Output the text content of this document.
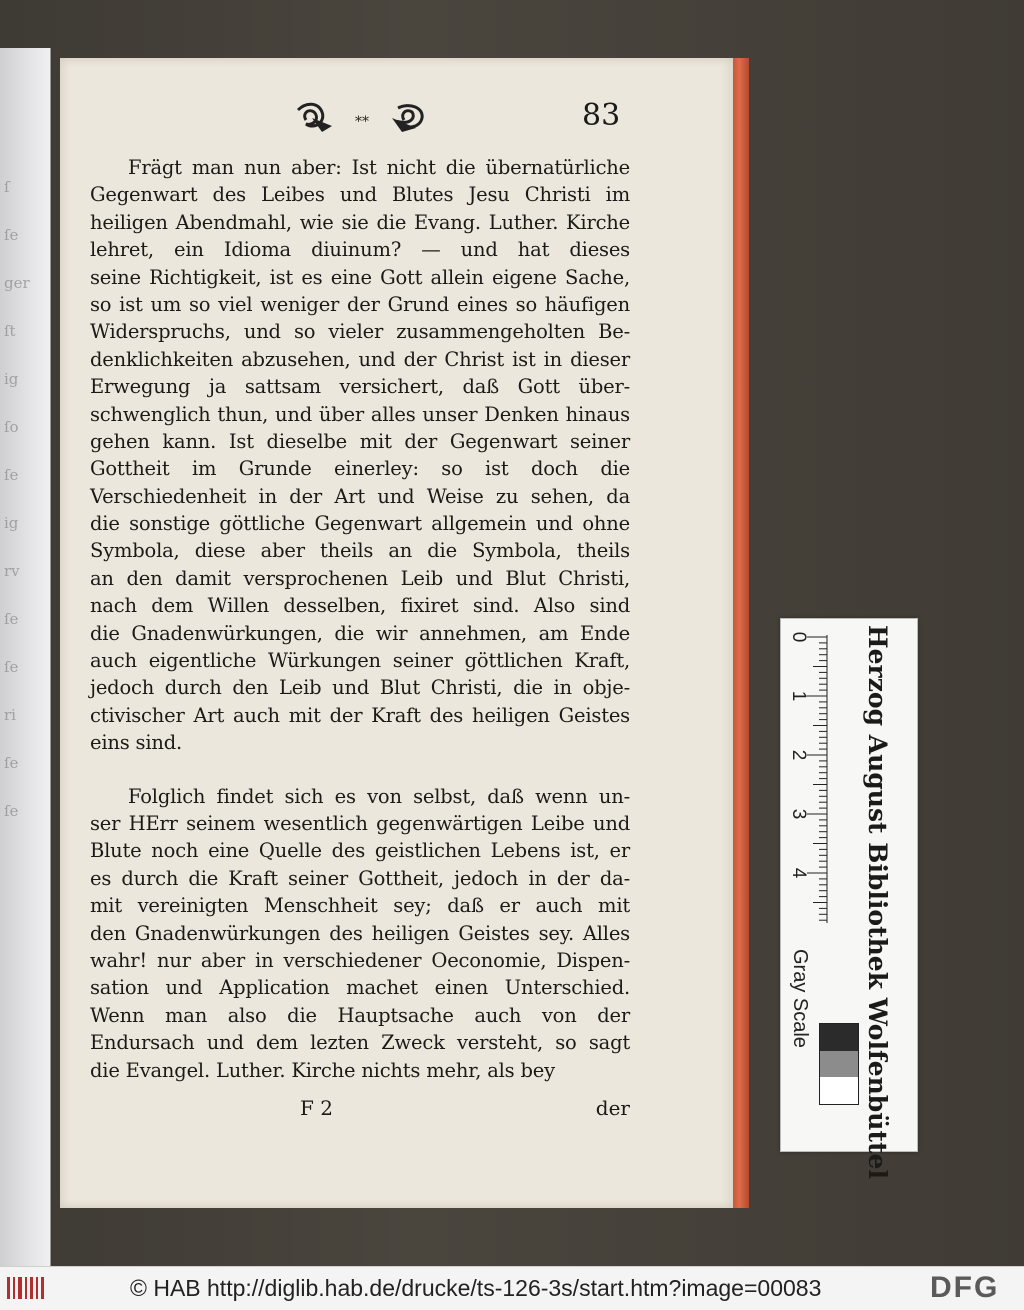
ſ
ſe
ger
ſt
ig
ſo
ſe
ig
rv
ſe
ſe
ri
ſe
ſe
**	83
Frägt man nun aber: Ist nicht die übernatürliche
Gegenwart des Leibes und Blutes Jesu Christi im
heiligen Abendmahl, wie sie die Evang. Luther. Kirche
lehret, ein Idioma diuinum? — und hat dieses
seine Richtigkeit, ist es eine Gott allein eigene Sache,
so ist um so viel weniger der Grund eines so häufigen
Widerspruchs, und so vieler zusammengeholten Be-
denklichkeiten abzusehen, und der Christ ist in dieser
Erwegung ja sattsam versichert, daß Gott über-
schwenglich thun, und über alles unser Denken hinaus
gehen kann. Ist dieselbe mit der Gegenwart seiner
Gottheit im Grunde einerley: so ist doch die
Verschiedenheit in der Art und Weise zu sehen, da
die sonstige göttliche Gegenwart allgemein und ohne
Symbola, diese aber theils an die Symbola, theils
an den damit versprochenen Leib und Blut Christi,
nach dem Willen desselben, fixiret sind. Also sind
die Gnadenwürkungen, die wir annehmen, am Ende
auch eigentliche Würkungen seiner göttlichen Kraft,
jedoch durch den Leib und Blut Christi, die in obje-
ctivischer Art auch mit der Kraft des heiligen Geistes
eins sind.
Folglich findet sich es von selbst, daß wenn un-
ser HErr seinem wesentlich gegenwärtigen Leibe und
Blute noch eine Quelle des geistlichen Lebens ist, er
es durch die Kraft seiner Gottheit, jedoch in der da-
mit vereinigten Menschheit sey; daß er auch mit
den Gnadenwürkungen des heiligen Geistes sey. Alles
wahr! nur aber in verschiedener Oeconomie, Dispen-
sation und Application machet einen Unterschied.
Wenn man also die Hauptsache auch von der
Endursach und dem lezten Zweck versteht, so sagt
die Evangel. Luther. Kirche nichts mehr, als bey
F 2	der
0
1
2
3
4
Gray Scale Herzog August Bibliothek Wolfenbüttel
© HAB http://diglib.hab.de/drucke/ts-126-3s/start.htm?image=00083	DFG
